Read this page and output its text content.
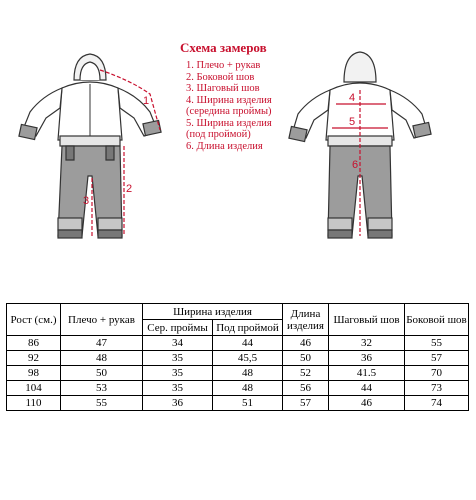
1
2
3
4
5
6
Схема замеров
1. Плечо + рукав
2. Боковой шов
3. Шаговый шов
4. Ширина изделия
(середина проймы)
5. Ширина изделия
(под проймой)
6. Длина изделия
Рост (см.)	Плечо + рукав	Ширина изделия		Длина изделия	Шаговый шов	Боковой шов
		Сер. проймы	Под проймой			
86	47	34	44	46	32	55
92	48	35	45,5	50	36	57
98	50	35	48	52	41.5	70
104	53	35	48	56	44	73
110	55	36	51	57	46	74
